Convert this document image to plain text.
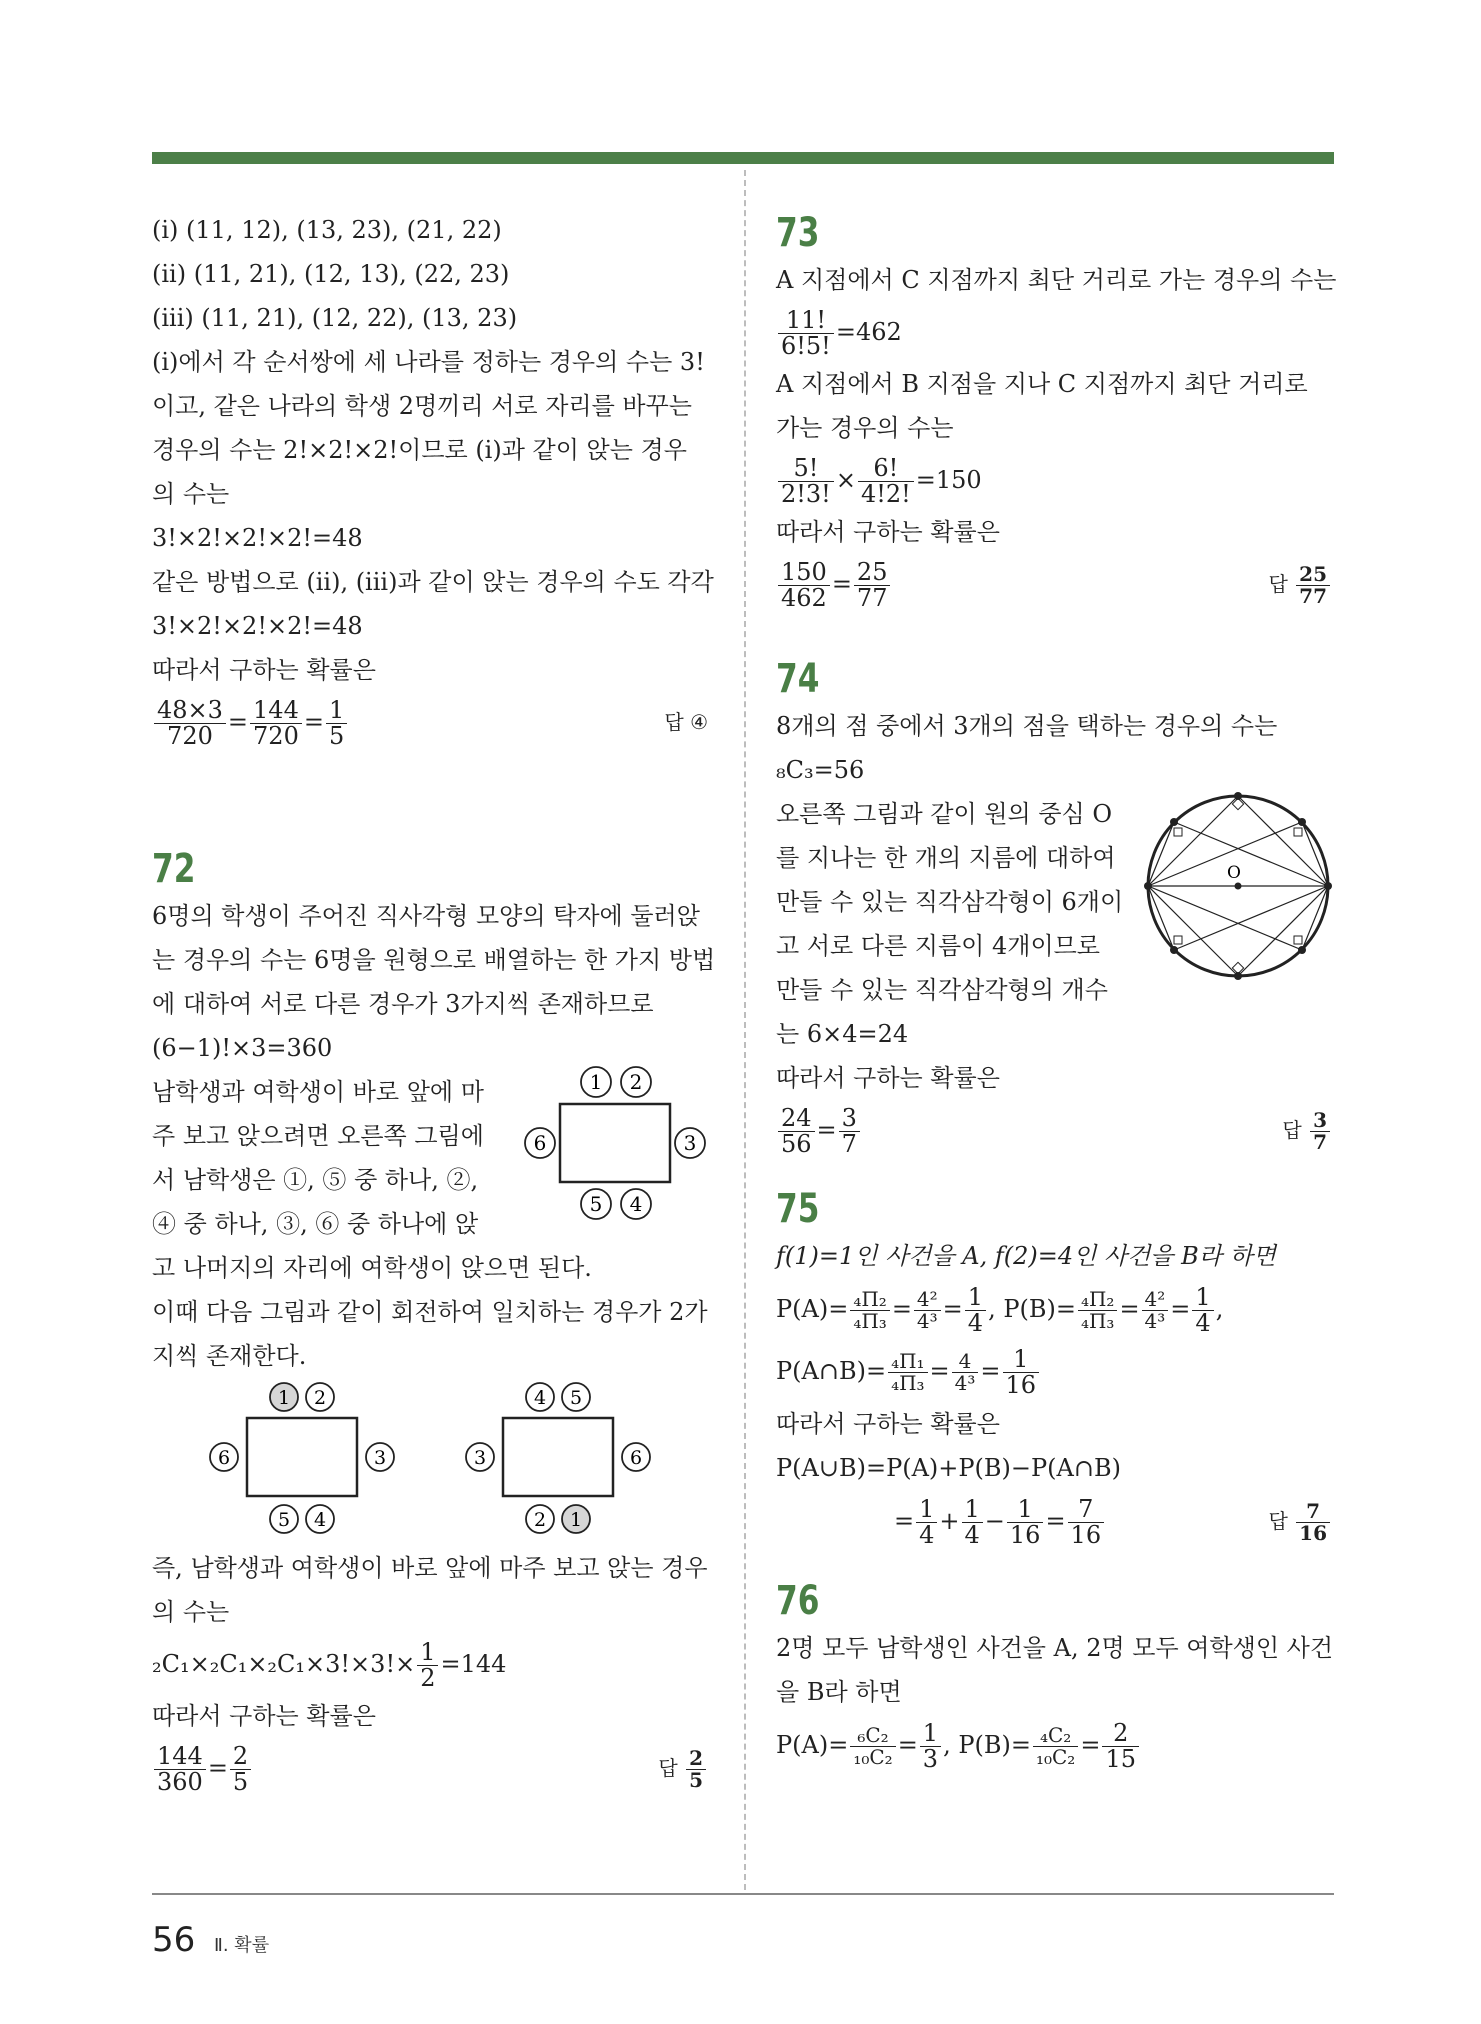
(i) (11, 12), (13, 23), (21, 22)
(ii) (11, 21), (12, 13), (22, 23)
(iii) (11, 21), (12, 22), (13, 23)
(i)에서 각 순서쌍에 세 나라를 정하는 경우의 수는 3!
이고, 같은 나라의 학생 2명끼리 서로 자리를 바꾸는
경우의 수는 2!×2!×2!이므로 (i)과 같이 앉는 경우
의 수는
3!×2!×2!×2!=48
같은 방법으로 (ii), (iii)과 같이 앉는 경우의 수도 각각
3!×2!×2!×2!=48
따라서 구하는 확률은
$\frac{48\times 3}{720} = \frac{144}{720} = \frac{1}{5}$	답 ④
72
6명의 학생이 주어진 직사각형 모양의 탁자에 둘러앉
는 경우의 수는 6명을 원형으로 배열하는 한 가지 방법
에 대하여 서로 다른 경우가 3가지씩 존재하므로
(6−1)!×3=360
남학생과 여학생이 바로 앞에 마
주 보고 앉으려면 오른쪽 그림에
서 남학생은 ①, ⑤ 중 하나, ②,
④ 중 하나, ③, ⑥ 중 하나에 앉
1 2
3
4
5
6
고 나머지의 자리에 여학생이 앉으면 된다.
이때 다음 그림과 같이 회전하여 일치하는 경우가 2가
지씩 존재한다.
1 2
3
4
5
6
4 5
6
1
2
3
즉, 남학생과 여학생이 바로 앞에 마주 보고 앉는 경우
의 수는
$_2C_1\times_2C_1\times_2C_1\times 3!\times 3!\times \frac{1}{2} =144$
따라서 구하는 확률은
$\frac{144}{360} = \frac{2}{5}$	답 $\frac{2}{5}$
73
A 지점에서 C 지점까지 최단 거리로 가는 경우의 수는
$\frac{11!}{6!5!} =462$
A 지점에서 B 지점을 지나 C 지점까지 최단 거리로
가는 경우의 수는
$\frac{5!}{2!3!} \times \frac{6!}{4!2!} =150$
따라서 구하는 확률은
$\frac{150}{462} = \frac{25}{77}$	답 $\frac{25}{77}$
74
8개의 점 중에서 3개의 점을 택하는 경우의 수는
₈C₃=56
오른쪽 그림과 같이 원의 중심 O
를 지나는 한 개의 지름에 대하여
만들 수 있는 직각삼각형이 6개이
고 서로 다른 지름이 4개이므로
만들 수 있는 직각삼각형의 개수
는 6×4=24
O
따라서 구하는 확률은
$\frac{24}{56} = \frac{3}{7}$	답 $\frac{3}{7}$
75
f(1)=1인 사건을 A, f(2)=4인 사건을 B라 하면
$P(A)= \frac{\text{₄Π₂}}{\text{₄Π₃}} = \frac{\text{4²}}{\text{4³}} = \frac{1}{4}$ , $P(B)= \frac{\text{₄Π₂}}{\text{₄Π₃}} = \frac{\text{4²}}{\text{4³}} = \frac{1}{4}$ ,
P(A∩B)= $\frac{\text{₄Π₁}}{\text{₄Π₃}} = \frac{4}{\text{4³}} = \frac{1}{16}$
따라서 구하는 확률은
P(A∪B)=P(A)+P(B)−P(A∩B)
= $\frac{1}{4} + \frac{1}{4} - \frac{1}{16} = \frac{7}{16}$	답 $\frac{7}{16}$
76
2명 모두 남학생인 사건을 A, 2명 모두 여학생인 사건
을 B라 하면
$P(A)= \frac{\text{₆C₂}}{\text{₁₀C₂}} = \frac{1}{3}$ , $P(B)= \frac{\text{₄C₂}}{\text{₁₀C₂}} = \frac{2}{15}$
56 Ⅱ. 확률
